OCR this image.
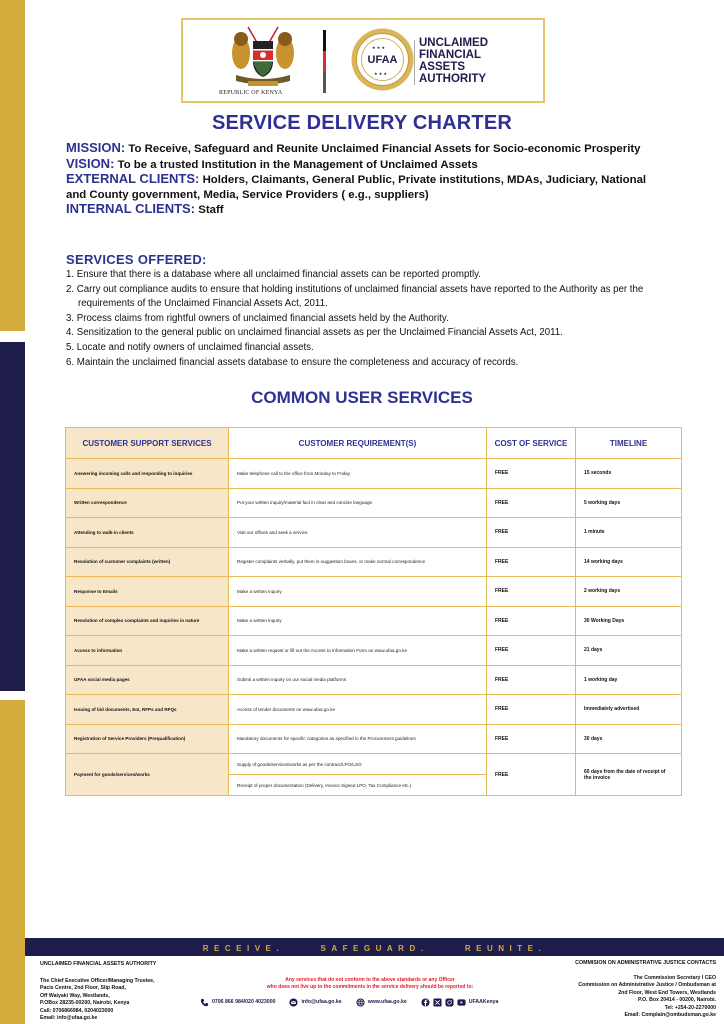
REPUBLIC OF KENYA
UFAA
★ ★ ★
★ ★ ★
UNCLAIMED
FINANCIAL
ASSETS
AUTHORITY
SERVICE DELIVERY CHARTER
MISSION: To Receive, Safeguard and Reunite Unclaimed Financial Assets for Socio-economic Prosperity
VISION: To be a trusted Institution in the Management of Unclaimed Assets
EXTERNAL CLIENTS: Holders, Claimants, General Public, Private institutions, MDAs, Judiciary, National and County government, Media, Service Providers ( e.g., suppliers)
INTERNAL CLIENTS: Staff
SERVICES OFFERED:
1. Ensure that there is a database where all unclaimed financial assets can be reported promptly.
2. Carry out compliance audits to ensure that holding institutions of unclaimed financial assets have reported to the Authority as per the requirements of the Unclaimed Financial Assets Act, 2011.
3. Process claims from rightful owners of unclaimed financial assets held by the Authority.
4. Sensitization to the general public on unclaimed financial assets as per the Unclaimed Financial Assets Act, 2011.
5. Locate and notify owners of unclaimed financial assets.
6. Maintain the unclaimed financial assets database to ensure the completeness and accuracy of records.
COMMON USER SERVICES
CUSTOMER SUPPORT SERVICES	CUSTOMER REQUIREMENT(S)	COST OF SERVICE	TIMELINE
Answering incoming calls and responding to inquiries	Make telephone call to the office from Monday to Friday	FREE	15 seconds
Written correspondence	Put your written inquiry/material fact in clear and concise language	FREE	5 working days
Attending to walk-in clients	Visit our offices and seek a service	FREE	1 minute
Resolution of customer complaints (written)	Register complaints verbally, put them in suggestion boxes, or make normal correspondence	FREE	14 working days
Response to Emails	Make a written inquiry	FREE	2 working days
Resolution of complex complaints and inquiries in nature	Make a written inquiry	FREE	30 Working Days
Access to information	Make a written request or fill out the Access to Information Form on www.ufaa.go.ke	FREE	21 days
UFAA social media pages	Submit a written inquiry on our social media platforms	FREE	1 working day
Issuing of bid documents, EoI, RFPs and RFQs	Access of tender documents on www.ufaa.go.ke	FREE	Immediately advertised
Registration of Service Providers (Prequalification)	Mandatory documents for specific categories as specified in the Procurement guidelines	FREE	30 days
Payment for goods/services/works	Supply of goods/services/works as per the contract/LPO/LSO	FREE	60 days from the date of receipt of the invoice
	Receipt of proper documentation (Delivery, Invoice Signed LPO, Tax Compliance etc.)		
RECEIVE.	SAFEGUARD.	REUNITE.
UNCLAIMED FINANCIAL ASSETS AUTHORITY
The Chief Executive Officer/Managing Trustee,
Pacis Centre, 2nd Floor, Slip Road,
Off Waiyaki Way, Westlands,
P.OBox 28235-00200, Nairobi, Kenya
Call: 0706866984, 0204023000
Email: info@ufaa.go.ke
Any services that do not conform to the above standards or any Officer
who does not live up to the commitments in the service delivery should be reported to:
0706 866 984/020 4023000	info@ufaa.go.ke	www.ufaa.go.ke	UFAAKenya
COMMISION ON ADMINISTRATIVE JUSTICE CONTACTS
The Commission Secretary I CEO
Commission on Administrative Justice / Ombudsman at
2nd Floor, West End Towers, Westlands
P.O. Box 20414 - 00200, Nairobi.
Tel: +254-20-2270000
Email: Complain@ombudsman.go.ke
